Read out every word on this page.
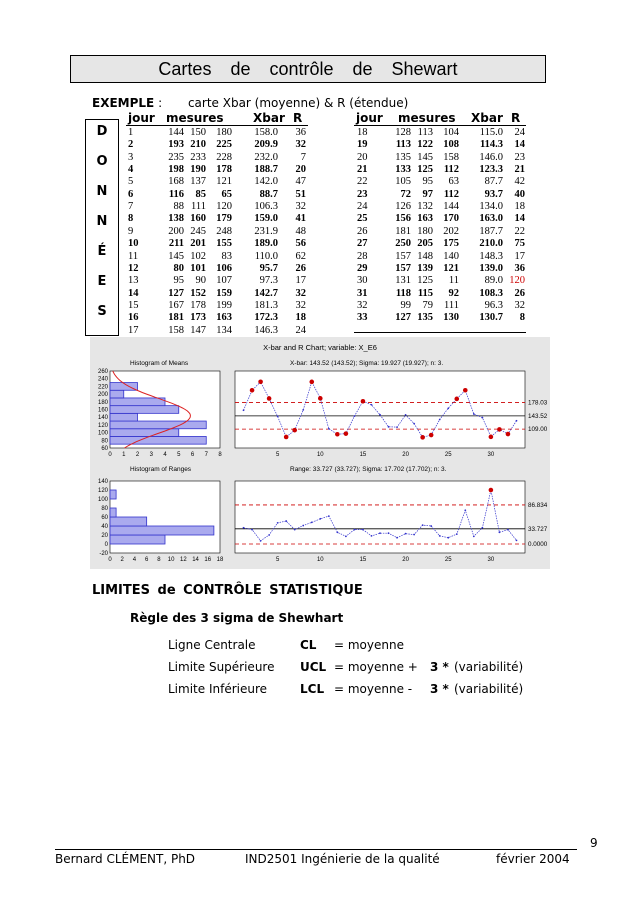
Cartes de contrôle de Shewart
EXEMPLE : carte Xbar (moyenne) & R (étendue)
D
O
N
N
É
E
S
jour mesures Xbar R	jour mesures Xbar R
1	144 150 180	158.0	36
2	193 210 225	209.9	32
3	235 233 228	232.0	7
4	198 190 178	188.7	20
5	168 137 121	142.0	47
6	116	85	65	88.7	51
7	88 111 120	106.3	32
8	138 160 179	159.0	41
9	200 245 248	231.9	48
10	211 201 155	189.0	56
11	145 102	83	110.0	62
12	80 101 106	95.7	26
13	95	90 107	97.3	17
14	127 152 159	142.7	32
15	167 178 199	181.3	32
16	181 173 163	172.3	18
17	158 147 134	146.3	24
18	128 113 104	115.0	24
19	113 122 108	114.3	14
20	135 145 158	146.0	23
21	133 125	112	123.3	21
22	105	95	63	87.7	42
23	72	97	112	93.7	40
24	126 132 144	134.0	18
25	156 163 170	163.0	14
26	181 180 202	187.7	22
27	250 205 175	210.0	75
28	157 148 140	148.3	17
29	157 139 121	139.0	36
30	131 125	11	89.0 120
31	118 115	92	108.3	26
32	99	79	111	96.3	32
33	127 135 130	130.7	8
X-bar and R Chart; variable: X_E6
Histogram of Means	X-bar: 143.52 (143.52); Sigma: 19.927 (19.927); n: 3.
Histogram of Ranges	Range: 33.727 (33.727); Sigma: 17.702 (17.702); n: 3.
260
240
220
200
180
160
140
120
100
80
60
0 1 2 3 4 5 6 7 8
140
120
100
80
60
40
20
0
-20
0 2 4 6 8 10 12 14 16 18
178.03
143.52
109.00
5	10	15	20	25	30
86.834
33.727
0.0000
5	10	15	20	25	30
LIMITES de CONTRÔLE STATISTIQUE
Règle des 3 sigma de Shewhart
Ligne Centrale	CL = moyenne
Limite Supérieure UCL = moyenne + 3 * (variabilité)
Limite Inférieure	LCL = moyenne - 3 * (variabilité)
Bernard CLÉMENT, PhD	IND2501 Ingénierie de la qualité	février 2004
9
